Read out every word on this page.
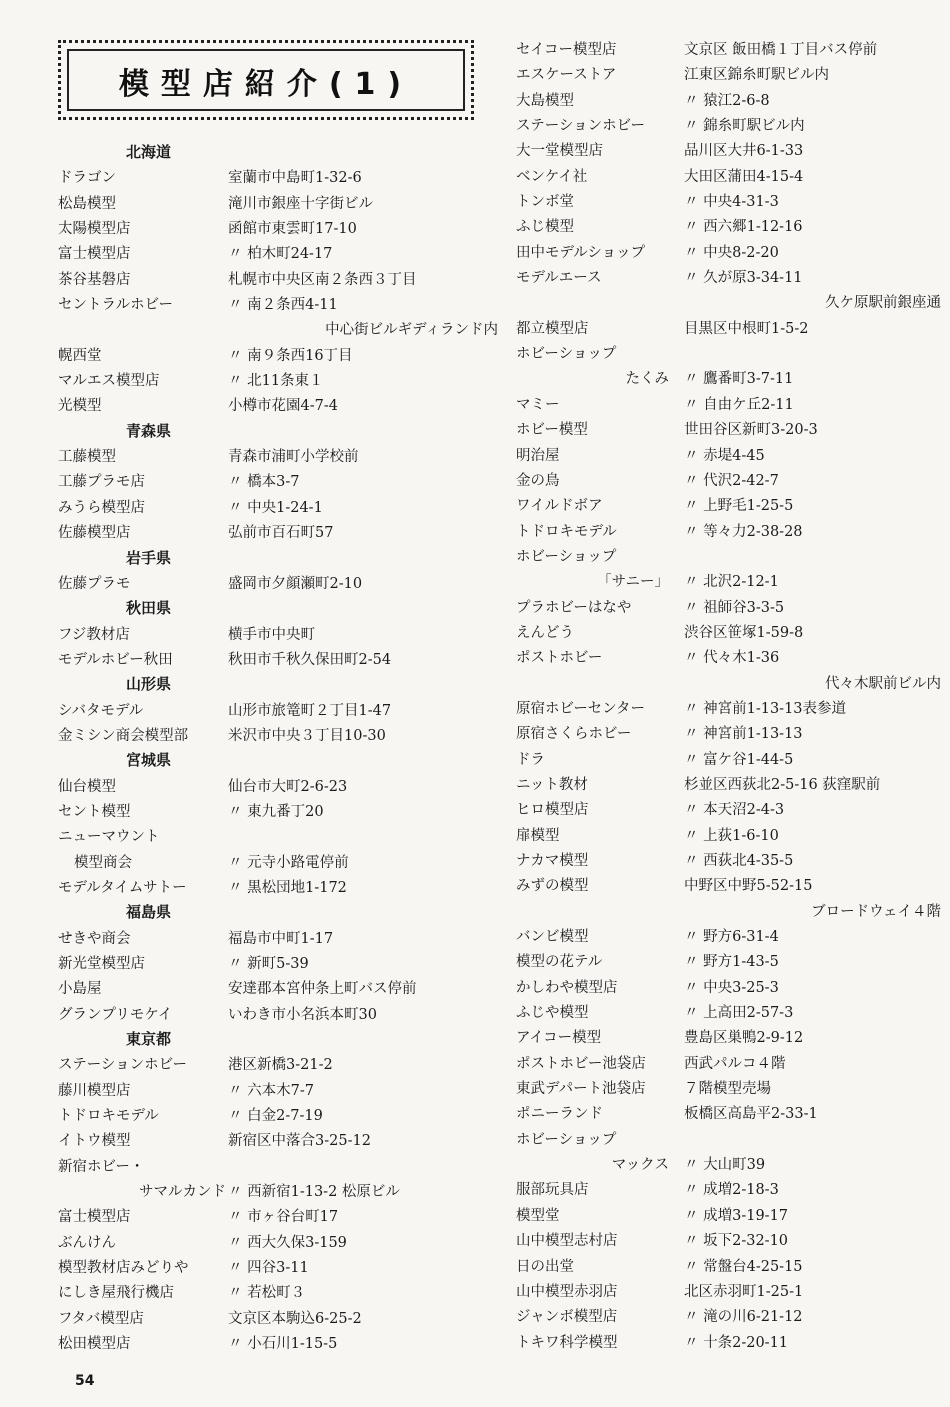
模型店紹介(1)
北海道
ドラゴン	室蘭市中島町1-32-6
松島模型	滝川市銀座十字街ビル
太陽模型店	函館市東雲町17-10
富士模型店	〃 柏木町24-17
茶谷基磐店	札幌市中央区南２条西３丁目
セントラルホビー	〃 南２条西4-11
中心街ビルギディランド内
幌西堂	〃 南９条西16丁目
マルエス模型店	〃 北11条東１
光模型	小樽市花園4-7-4
青森県
工藤模型	青森市浦町小学校前
工藤プラモ店	〃 橋本3-7
みうら模型店	〃 中央1-24-1
佐藤模型店	弘前市百石町57
岩手県
佐藤プラモ	盛岡市夕顔瀬町2-10
秋田県
フジ教材店	横手市中央町
モデルホビー秋田	秋田市千秋久保田町2-54
山形県
シバタモデル	山形市旅篭町２丁目1-47
金ミシン商会模型部	米沢市中央３丁目10-30
宮城県
仙台模型	仙台市大町2-6-23
セント模型	〃 東九番丁20
ニューマウント
模型商会	〃 元寺小路電停前
モデルタイムサトー	〃 黒松団地1-172
福島県
せきや商会	福島市中町1-17
新光堂模型店	〃 新町5-39
小島屋	安達郡本宮仲条上町バス停前
グランプリモケイ	いわき市小名浜本町30
東京都
ステーションホビー	港区新橋3-21-2
藤川模型店	〃 六本木7-7
トドロキモデル	〃 白金2-7-19
イトウ模型	新宿区中落合3-25-12
新宿ホビー・
サマルカンド 〃 西新宿1-13-2 松原ビル
富士模型店	〃 市ヶ谷台町17
ぶんけん	〃 西大久保3-159
模型教材店みどりや	〃 四谷3-11
にしき屋飛行機店	〃 若松町３
フタバ模型店	文京区本駒込6-25-2
松田模型店	〃 小石川1-15-5
セイコー模型店	文京区 飯田橋１丁目バス停前
エスケーストア	江東区錦糸町駅ビル内
大島模型	〃 猿江2-6-8
ステーションホビー	〃 錦糸町駅ビル内
大一堂模型店	品川区大井6-1-33
ベンケイ社	大田区蒲田4-15-4
トンボ堂	〃 中央4-31-3
ふじ模型	〃 西六郷1-12-16
田中モデルショップ	〃 中央8-2-20
モデルエース	〃 久が原3-34-11
久ケ原駅前銀座通
都立模型店	目黒区中根町1-5-2
ホビーショップ
たくみ 〃 鷹番町3-7-11
マミー	〃 自由ケ丘2-11
ホビー模型	世田谷区新町3-20-3
明治屋	〃 赤堤4-45
金の鳥	〃 代沢2-42-7
ワイルドボア	〃 上野毛1-25-5
トドロキモデル	〃 等々力2-38-28
ホビーショップ
「サニー」 〃 北沢2-12-1
プラホビーはなや	〃 祖師谷3-3-5
えんどう	渋谷区笹塚1-59-8
ポストホビー	〃 代々木1-36
代々木駅前ビル内
原宿ホビーセンター	〃 神宮前1-13-13表参道
原宿さくらホビー	〃 神宮前1-13-13
ドラ	〃 富ケ谷1-44-5
ニット教材	杉並区西荻北2-5-16 荻窪駅前
ヒロ模型店	〃 本天沼2-4-3
扉模型	〃 上荻1-6-10
ナカマ模型	〃 西荻北4-35-5
みずの模型	中野区中野5-52-15
ブロードウェイ４階
バンビ模型	〃 野方6-31-4
模型の花テル	〃 野方1-43-5
かしわや模型店	〃 中央3-25-3
ふじや模型	〃 上高田2-57-3
アイコー模型	豊島区巣鴨2-9-12
ポストホビー池袋店	西武パルコ４階
東武デパート池袋店	７階模型売場
ポニーランド	板橋区高島平2-33-1
ホビーショップ
マックス 〃 大山町39
服部玩具店	〃 成増2-18-3
模型堂	〃 成増3-19-17
山中模型志村店	〃 坂下2-32-10
日の出堂	〃 常盤台4-25-15
山中模型赤羽店	北区赤羽町1-25-1
ジャンボ模型店	〃 滝の川6-21-12
トキワ科学模型	〃 十条2-20-11
54
